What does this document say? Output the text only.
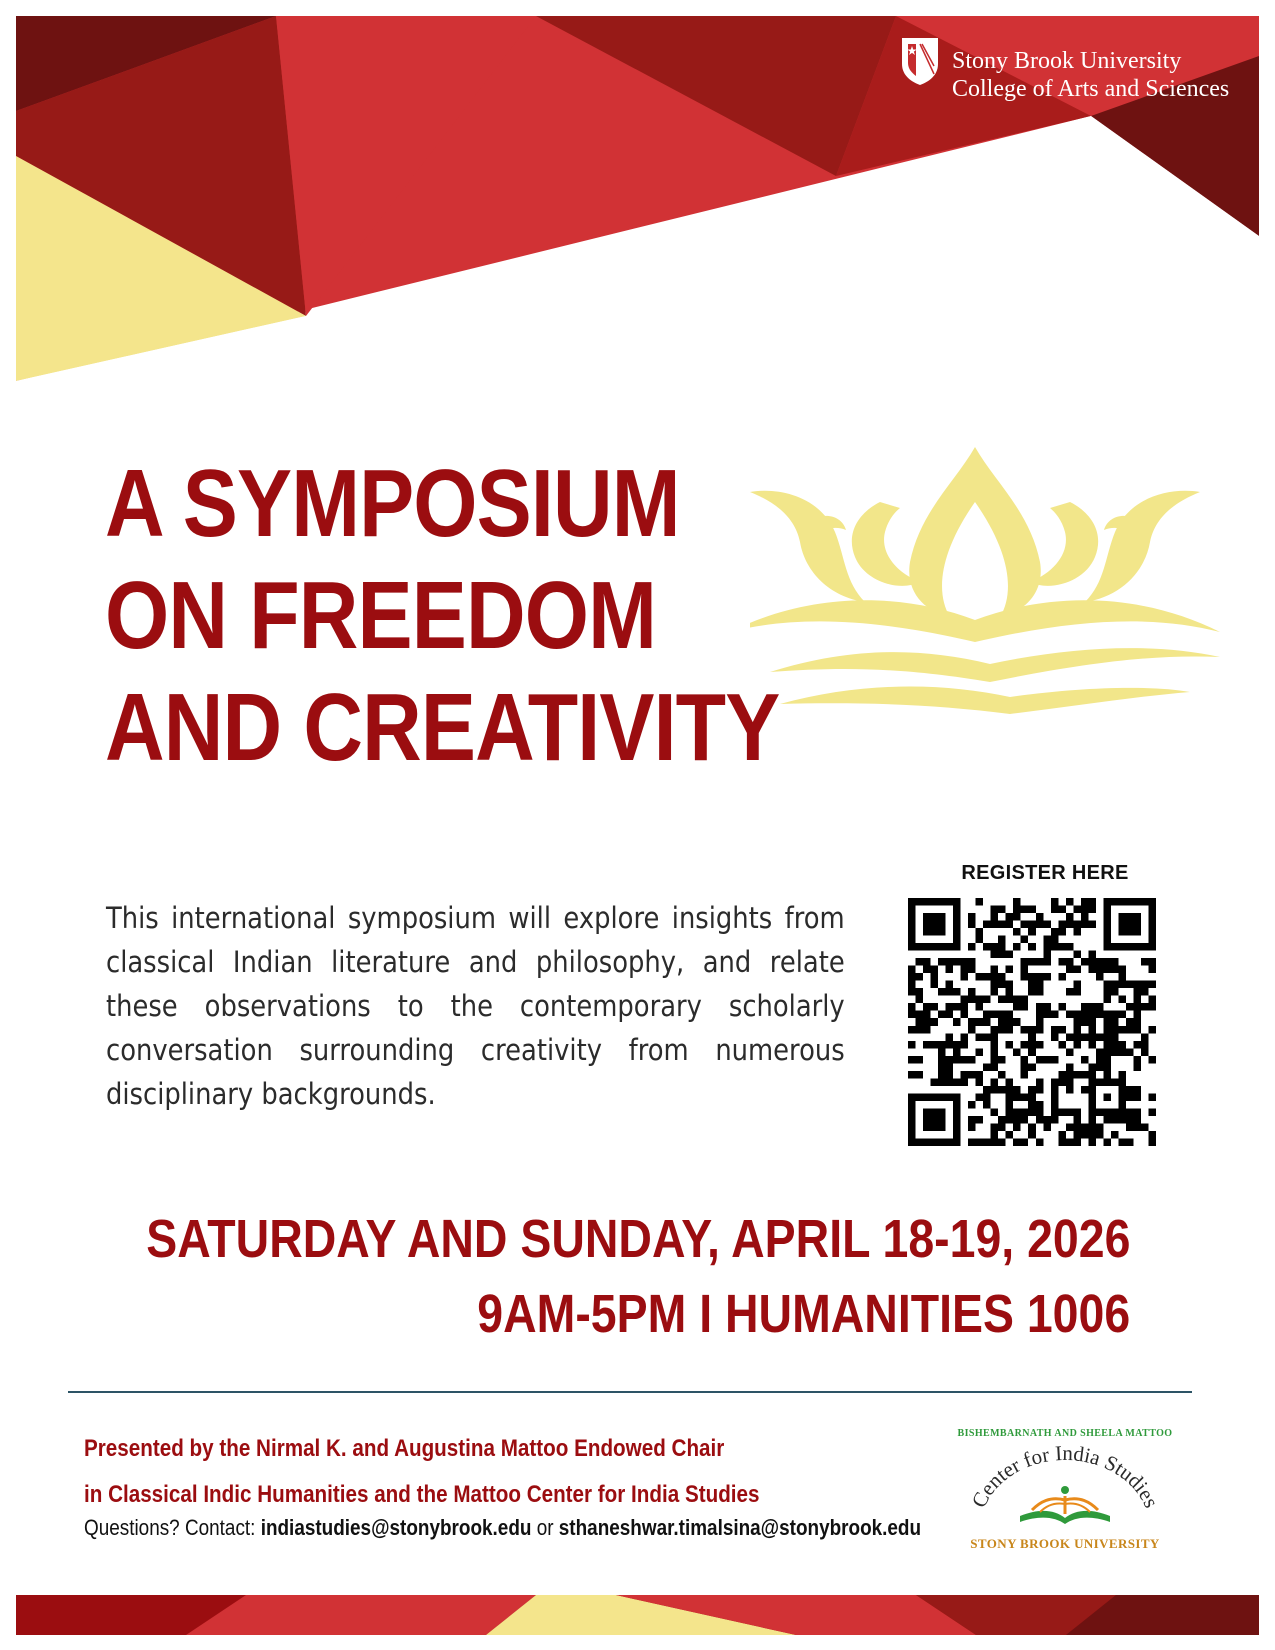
Stony Brook University
College of Arts and Sciences
A SYMPOSIUM
ON FREEDOM
AND CREATIVITY
This international symposium will explore insights from classical Indian literature and philosophy, and relate these observations to the contemporary scholarly conversation surrounding creativity from numerous disciplinary backgrounds.
REGISTER HERE
SATURDAY AND SUNDAY, APRIL 18-19, 2026
9AM-5PM I HUMANITIES 1006
Presented by the Nirmal K. and Augustina Mattoo Endowed Chair
in Classical Indic Humanities and the Mattoo Center for India Studies
Questions? Contact: indiastudies@stonybrook.edu or sthaneshwar.timalsina@stonybrook.edu
BISHEMBARNATH AND SHEELA MATTOO
Center for India Studies
STONY BROOK UNIVERSITY
